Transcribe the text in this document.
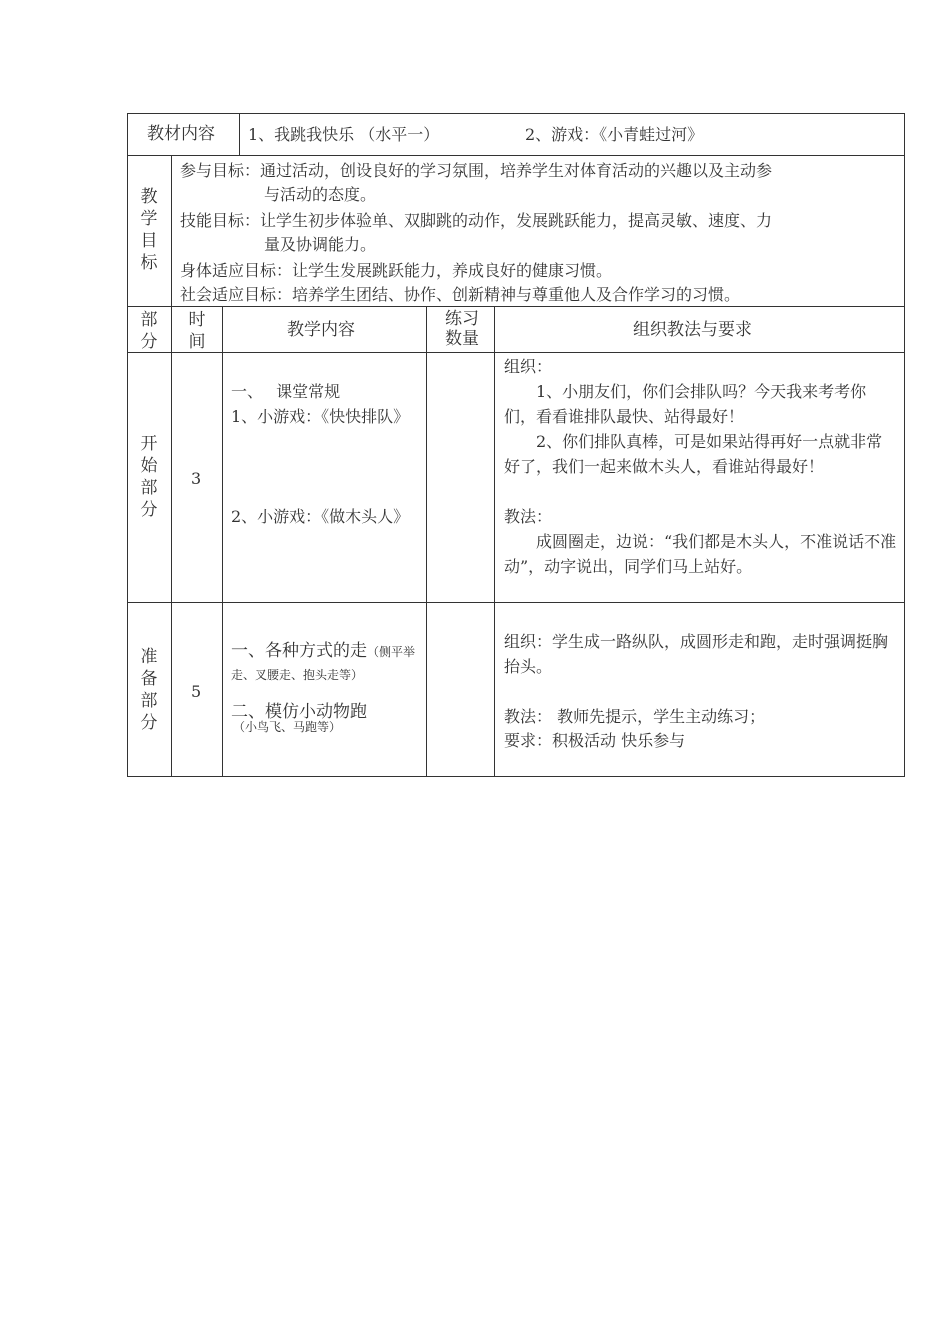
教材内容 1、我跳我快乐 （水平一）	2、游戏：《小青蛙过河》
教学目标
参与目标： 通过活动，创设良好的学习氛围，培养学生对体育活动的兴趣以及主动参
与活动的态度。
技能目标： 让学生初步体验单、双脚跳的动作，发展跳跃能力，提高灵敏、速度、力
量及协调能力。
身体适应目标：让学生发展跳跃能力，养成良好的健康习惯。
社会适应目标：培养学生团结、协作、创新精神与尊重他人及合作学习的习惯。
部分
时间
教学内容
练习数量	组织教法与要求
开始部分
3
一、　 课堂常规
1、小游戏：《快快排队》
2、小游戏：《做木头人》
组织：
1、小朋友们，你们会排队吗？今天我来考考你们，看看谁排队最快、站得最好！
2、你们排队真棒，可是如果站得再好一点就非常好了，我们一起来做木头人，看谁站得最好！
教法：
成圆圈走，边说：“我们都是木头人，不准说话不准动”，动字说出，同学们马上站好。
准备部分
5
一、各种方式的走（侧平举走、叉腰走、抱头走等）
二、模仿小动物跑
（小鸟飞、马跑等）
组织：学生成一路纵队，成圆形走和跑，走时强调挺胸抬头。
教法： 教师先提示，学生主动练习；
要求：积极活动 快乐参与
